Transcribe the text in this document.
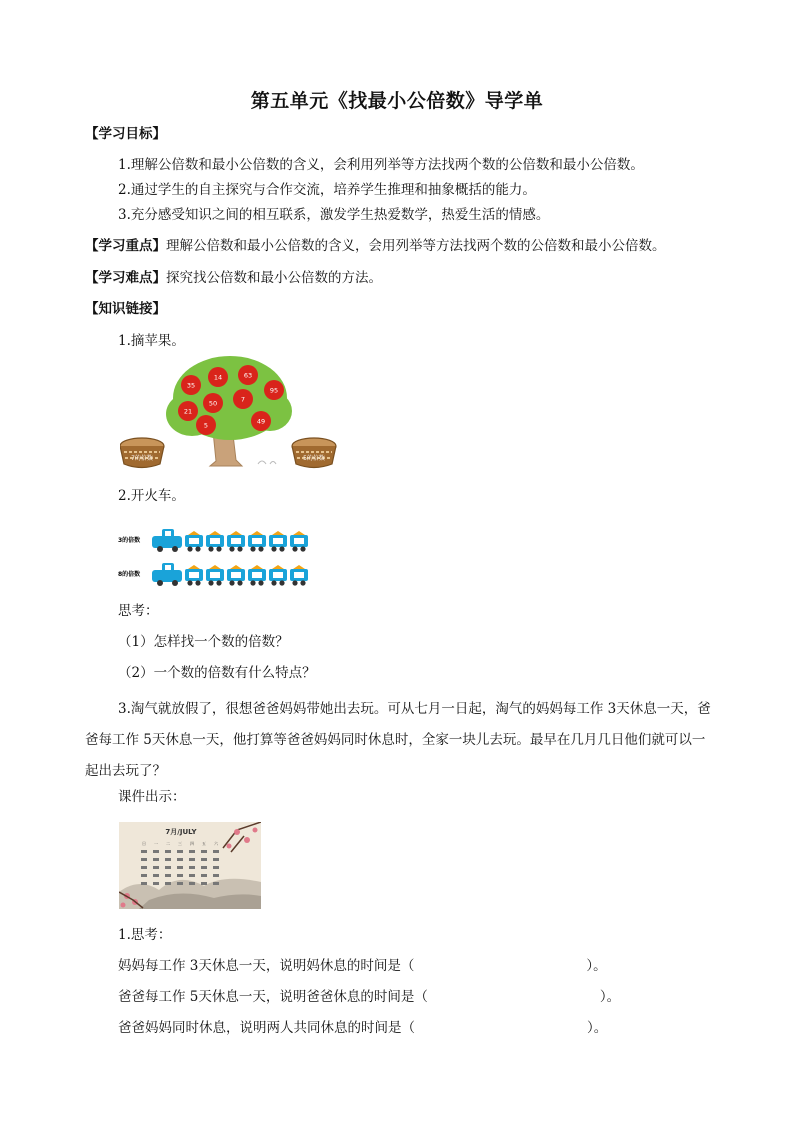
第五单元《找最小公倍数》导学单
【学习目标】
1.理解公倍数和最小公倍数的含义，会利用列举等方法找两个数的公倍数和最小公倍数。
2.通过学生的自主探究与合作交流，培养学生推理和抽象概括的能力。
3.充分感受知识之间的相互联系，激发学生热爱数学，热爱生活的情感。
【学习重点】理解公倍数和最小公倍数的含义，会用列举等方法找两个数的公倍数和最小公倍数。
【学习难点】探究找公倍数和最小公倍数的方法。
【知识链接】
1.摘苹果。
7的倍数	5的倍数
14	63
35
50
95
21
7
5	49
2.开火车。
3的倍数
8的倍数
思考：
（1）怎样找一个数的倍数？
（2）一个数的倍数有什么特点？
3.淘气就放假了，很想爸爸妈妈带她出去玩。可从七月一日起，淘气的妈妈每工作 3天休息一天，爸爸每工作 5天休息一天，他打算等爸爸妈妈同时休息时，全家一块儿去玩。最早在几月几日他们就可以一起出去玩了？
课件出示：
7月/JULY
日 一 二 三 四 五 六
1.思考：
妈妈每工作 3天休息一天，说明妈休息的时间是（	）。
爸爸每工作 5天休息一天，说明爸爸休息的时间是（	）。
爸爸妈妈同时休息，说明两人共同休息的时间是（	）。
